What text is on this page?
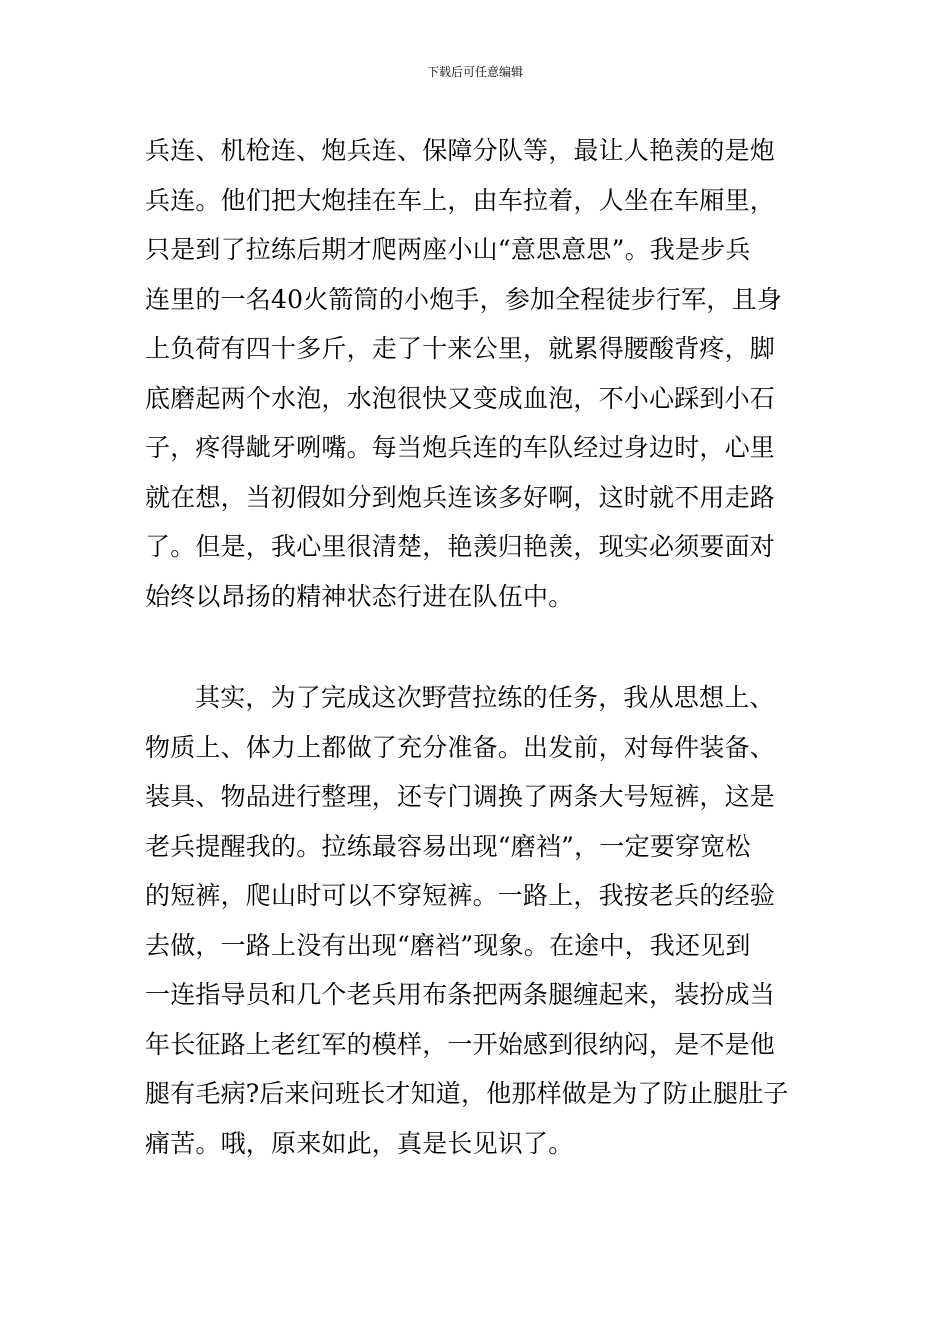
下载后可任意编辑
兵连、机枪连、炮兵连、保障分队等，最让人艳羡的是炮
兵连。他们把大炮挂在车上，由车拉着，人坐在车厢里，
只是到了拉练后期才爬两座小山“意思意思”。我是步兵
连里的一名40火箭筒的小炮手，参加全程徒步行军，且身
上负荷有四十多斤，走了十来公里，就累得腰酸背疼，脚
底磨起两个水泡，水泡很快又变成血泡，不小心踩到小石
子，疼得龇牙咧嘴。每当炮兵连的车队经过身边时，心里
就在想，当初假如分到炮兵连该多好啊，这时就不用走路
了。但是，我心里很清楚，艳羡归艳羡，现实必须要面对
始终以昂扬的精神状态行进在队伍中。
其实，为了完成这次野营拉练的任务，我从思想上、
物质上、体力上都做了充分准备。出发前，对每件装备、
装具、物品进行整理，还专门调换了两条大号短裤，这是
老兵提醒我的。拉练最容易出现“磨裆”，一定要穿宽松
的短裤，爬山时可以不穿短裤。一路上，我按老兵的经验
去做，一路上没有出现“磨裆”现象。在途中，我还见到
一连指导员和几个老兵用布条把两条腿缠起来，装扮成当
年长征路上老红军的模样，一开始感到很纳闷，是不是他
腿有毛病?后来问班长才知道，他那样做是为了防止腿肚子
痛苦。哦，原来如此，真是长见识了。
